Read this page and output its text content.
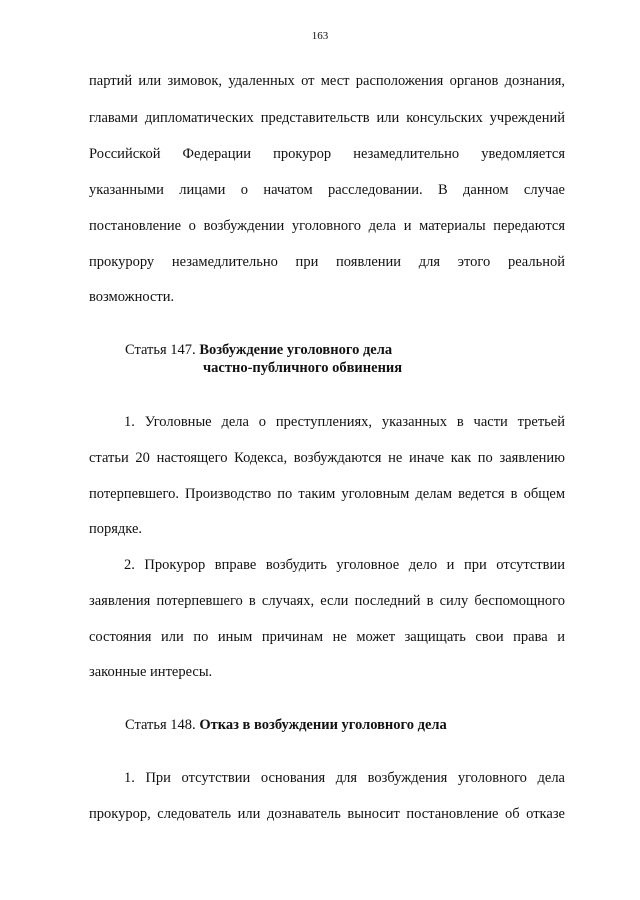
163
партий или зимовок, удаленных от мест расположения органов дознания,
главами дипломатических представительств или консульских учреждений
Российской Федерации прокурор незамедлительно уведомляется
указанными лицами о начатом расследовании. В данном случае
постановление о возбуждении уголовного дела и материалы передаются
прокурору незамедлительно при появлении для этого реальной
возможности.
Статья 147. Возбуждение уголовного дела
частно-публичного обвинения
1. Уголовные дела о преступлениях, указанных в части третьей
статьи 20 настоящего Кодекса, возбуждаются не иначе как по заявлению
потерпевшего. Производство по таким уголовным делам ведется в общем
порядке.
2. Прокурор вправе возбудить уголовное дело и при отсутствии
заявления потерпевшего в случаях, если последний в силу беспомощного
состояния или по иным причинам не может защищать свои права и
законные интересы.
Статья 148. Отказ в возбуждении уголовного дела
1. При отсутствии основания для возбуждения уголовного дела
прокурор, следователь или дознаватель выносит постановление об отказе
